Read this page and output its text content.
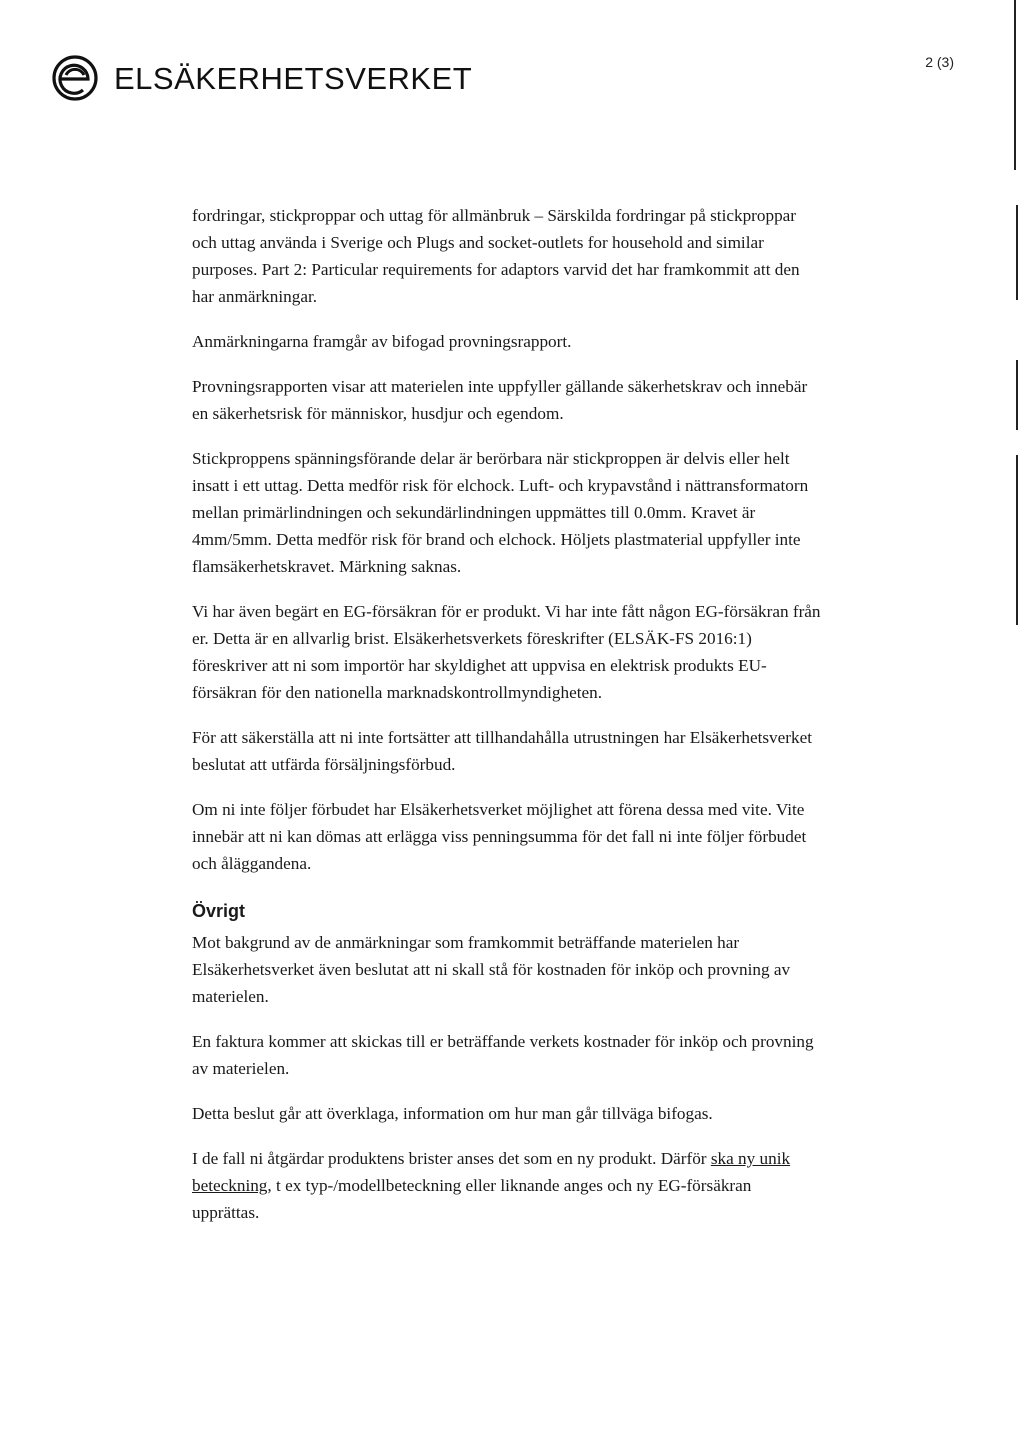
ELSÄKERHETSVERKET	2 (3)

fordringar, stickproppar och uttag för allmänbruk – Särskilda fordringar på stickproppar och uttag använda i Sverige och Plugs and socket-outlets for household and similar purposes. Part 2: Particular requirements for adaptors varvid det har framkommit att den har anmärkningar.

Anmärkningarna framgår av bifogad provningsrapport.

Provningsrapporten visar att materielen inte uppfyller gällande säkerhetskrav och innebär en säkerhetsrisk för människor, husdjur och egendom.

Stickproppens spänningsförande delar är berörbara när stickproppen är delvis eller helt insatt i ett uttag. Detta medför risk för elchock. Luft- och krypavstånd i nättransformatorn mellan primärlindningen och sekundärlindningen uppmättes till 0.0mm. Kravet är 4mm/5mm. Detta medför risk för brand och elchock. Höljets plastmaterial uppfyller inte flamsäkerhetskravet. Märkning saknas.

Vi har även begärt en EG-försäkran för er produkt. Vi har inte fått någon EG-försäkran från er. Detta är en allvarlig brist. Elsäkerhetsverkets föreskrifter (ELSÄK-FS 2016:1) föreskriver att ni som importör har skyldighet att uppvisa en elektrisk produkts EU-försäkran för den nationella marknadskontrollmyndigheten.

För att säkerställa att ni inte fortsätter att tillhandahålla utrustningen har Elsäkerhetsverket beslutat att utfärda försäljningsförbud.

Om ni inte följer förbudet har Elsäkerhetsverket möjlighet att förena dessa med vite. Vite innebär att ni kan dömas att erlägga viss penningsumma för det fall ni inte följer förbudet och åläggandena.

Övrigt

Mot bakgrund av de anmärkningar som framkommit beträffande materielen har Elsäkerhetsverket även beslutat att ni skall stå för kostnaden för inköp och provning av materielen.

En faktura kommer att skickas till er beträffande verkets kostnader för inköp och provning av materielen.

Detta beslut går att överklaga, information om hur man går tillväga bifogas.

I de fall ni åtgärdar produktens brister anses det som en ny produkt. Därför ska ny unik beteckning, t ex typ-/modellbeteckning eller liknande anges och ny EG-försäkran upprättas.
